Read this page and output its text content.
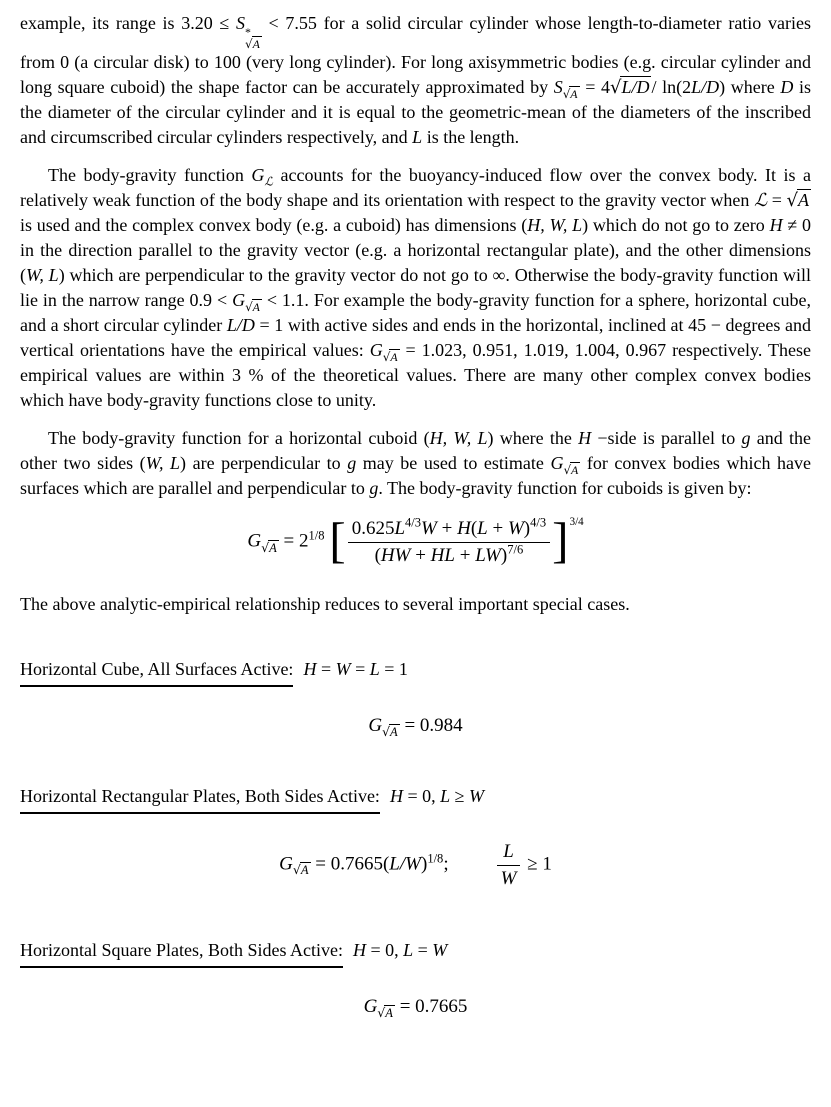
example, its range is 3.20 ≤ S *
√A
< 7.55 for a solid circular cylinder whose length-to-diameter ratio varies from 0 (a circular disk) to 100 (very long cylinder). For long axisymmetric bodies (e.g. circular cylinder and long square cuboid) the shape factor can be accurately approximated by $S_{√A} = 4√L/D / \ln(2L/D)$ where D is the diameter of the circular cylinder and it is equal to the geometric-mean of the diameters of the inscribed and circumscribed circular cylinders respectively, and L is the length.

The body-gravity function $G_ℒ$ accounts for the buoyancy-induced flow over the convex body. It is a relatively weak function of the body shape and its orientation with respect to the gravity vector when ℒ = √A is used and the complex convex body (e.g. a cuboid) has dimensions (H, W, L) which do not go to zero H ≠ 0 in the direction parallel to the gravity vector (e.g. a horizontal rectangular plate), and the other dimensions (W, L) which are perpendicular to the gravity vector do not go to ∞. Otherwise the body-gravity function will lie in the narrow range $0.9 < G_{√A} < 1.1$. For example the body-gravity function for a sphere, horizontal cube, and a short circular cylinder L/D = 1 with active sides and ends in the horizontal, inclined at 45 − degrees and vertical orientations have the empirical values: $G_{√A} = 1.023$, 0.951, 1.019, 1.004, 0.967 respectively. These empirical values are within 3 % of the theoretical values. There are many other complex convex bodies which have body-gravity functions close to unity.

The body-gravity function for a horizontal cuboid (H, W, L) where the H −side is parallel to g and the other two sides (W, L) are perpendicular to g may be used to estimate $G_{√A}$ for convex bodies which have surfaces which are parallel and perpendicular to g. The body-gravity function for cuboids is given by:

$G_{√A} = 2^{1/8}$ [ $\frac{0.625L^{4/3}W + H(L + W)^{4/3}}{(HW + HL + LW)^{7/6}} ]^{3/4}$

The above analytic-empirical relationship reduces to several important special cases.

Horizontal Cube, All Surfaces Active: H = W = L = 1
$G_{√A} = 0.984$
Horizontal Rectangular Plates, Both Sides Active: H = 0, L ≥ W
$G_{√A} = 0.7665(L/W)^{1/8}$; $\frac{L}{W} \ge 1$
Horizontal Square Plates, Both Sides Active: H = 0, L = W
$G_{√A} = 0.7665$
